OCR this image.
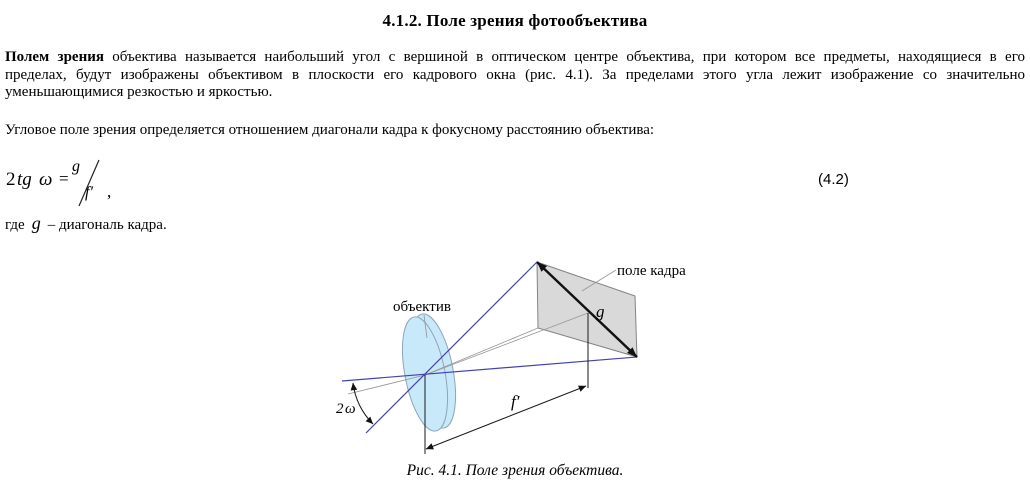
4.1.2. Поле зрения фотообъектива
Полем зрения объектива называется наибольший угол с вершиной в оптическом центре объектива, при котором все предметы, находящиеся в его
пределах, будут изображены объективом в плоскости его кадрового окна (рис. 4.1). За пределами этого угла лежит изображение со значительно
уменьшающимися резкостью и яркостью.
Угловое поле зрения определяется отношением диагонали кадра к фокусному расстоянию объектива:
2 tg ω =
g
f′ ,
(4.2)
где g – диагональ кадра.
объектив
поле кадра
g
f′
2ω
Рис. 4.1. Поле зрения объектива.
